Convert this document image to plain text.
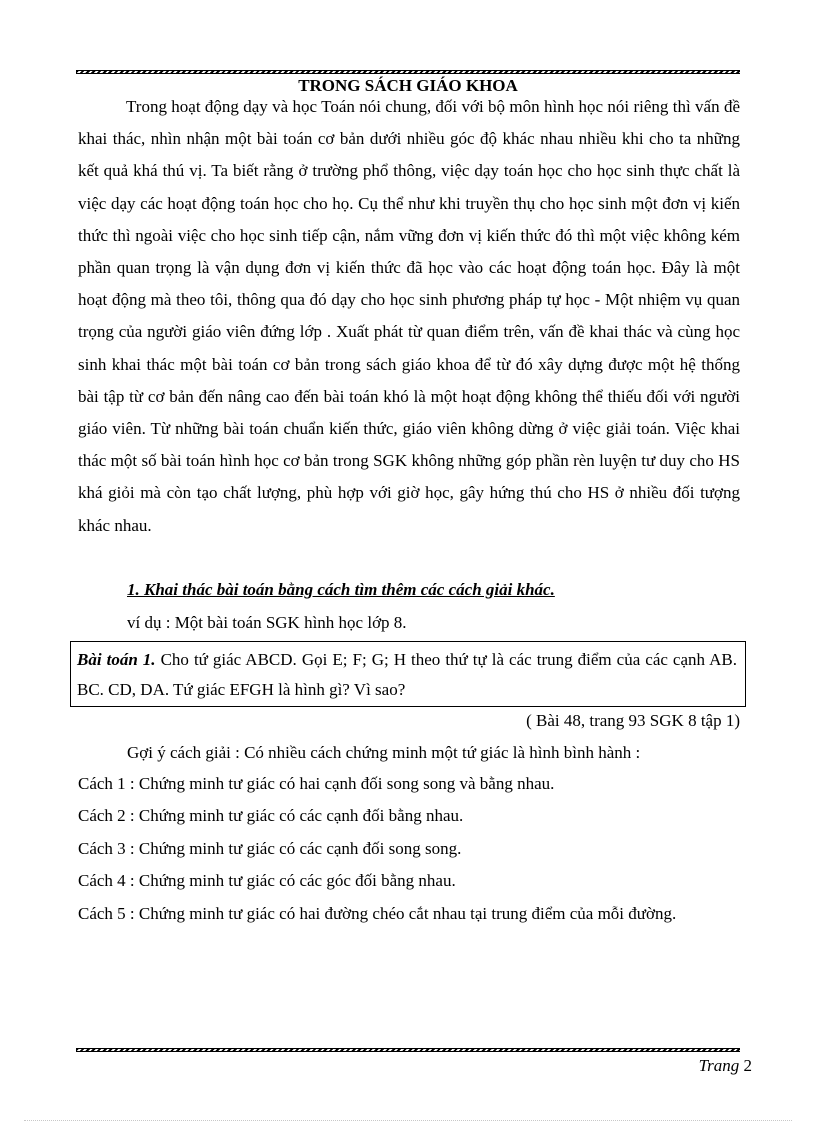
TRONG SÁCH GIÁO KHOA

Trong hoạt động dạy và học Toán nói chung, đối với bộ môn hình học nói riêng thì vấn đề khai thác, nhìn nhận một bài toán cơ bản dưới nhiều góc độ khác nhau nhiều khi cho ta những kết quả khá thú vị. Ta biết rằng ở trường phổ thông, việc dạy toán học cho học sinh thực chất là việc dạy các hoạt động toán học cho họ. Cụ thể như khi truyền thụ cho học sinh một đơn vị kiến thức thì ngoài việc cho học sinh tiếp cận, nắm vững đơn vị kiến thức đó thì một việc không kém phần quan trọng là vận dụng đơn vị kiến thức đã học vào các hoạt động toán học. Đây là một hoạt động mà theo tôi, thông qua đó dạy cho học sinh phương pháp tự học - Một nhiệm vụ quan trọng của người giáo viên đứng lớp . Xuất phát từ quan điểm trên, vấn đề khai thác và cùng học sinh khai thác một bài toán cơ bản trong sách giáo khoa để từ đó xây dựng được một hệ thống bài tập từ cơ bản đến nâng cao đến bài toán khó là một hoạt động không thể thiếu đối với người giáo viên. Từ những bài toán chuẩn kiến thức, giáo viên không dừng ở việc giải toán. Việc khai thác một số bài toán hình học cơ bản trong SGK không những góp phần rèn luyện tư duy cho HS khá giỏi mà còn tạo chất lượng, phù hợp với giờ học, gây hứng thú cho HS ở nhiều đối tượng khác nhau.

1. Khai thác bài toán bằng cách tìm thêm các cách giải khác.
ví dụ : Một bài toán SGK hình học lớp 8.
Bài toán 1. Cho tứ giác ABCD. Gọi E; F; G; H theo thứ tự là các trung điểm của các cạnh AB. BC. CD, DA. Tứ giác EFGH là hình gì? Vì sao?
( Bài 48, trang 93 SGK 8 tập 1)
Gợi ý cách giải : Có nhiều cách chứng minh một tứ giác là hình bình hành :
Cách 1 : Chứng minh tư giác có hai cạnh đối song song và bằng nhau.
Cách 2 : Chứng minh tư giác có các cạnh đối bằng nhau.
Cách 3 : Chứng minh tư giác có các cạnh đối song song.
Cách 4 : Chứng minh tư giác có các góc đối bằng nhau.
Cách 5 : Chứng minh tư giác có hai đường chéo cắt nhau tại trung điểm của mỗi đường.
Trang 2
